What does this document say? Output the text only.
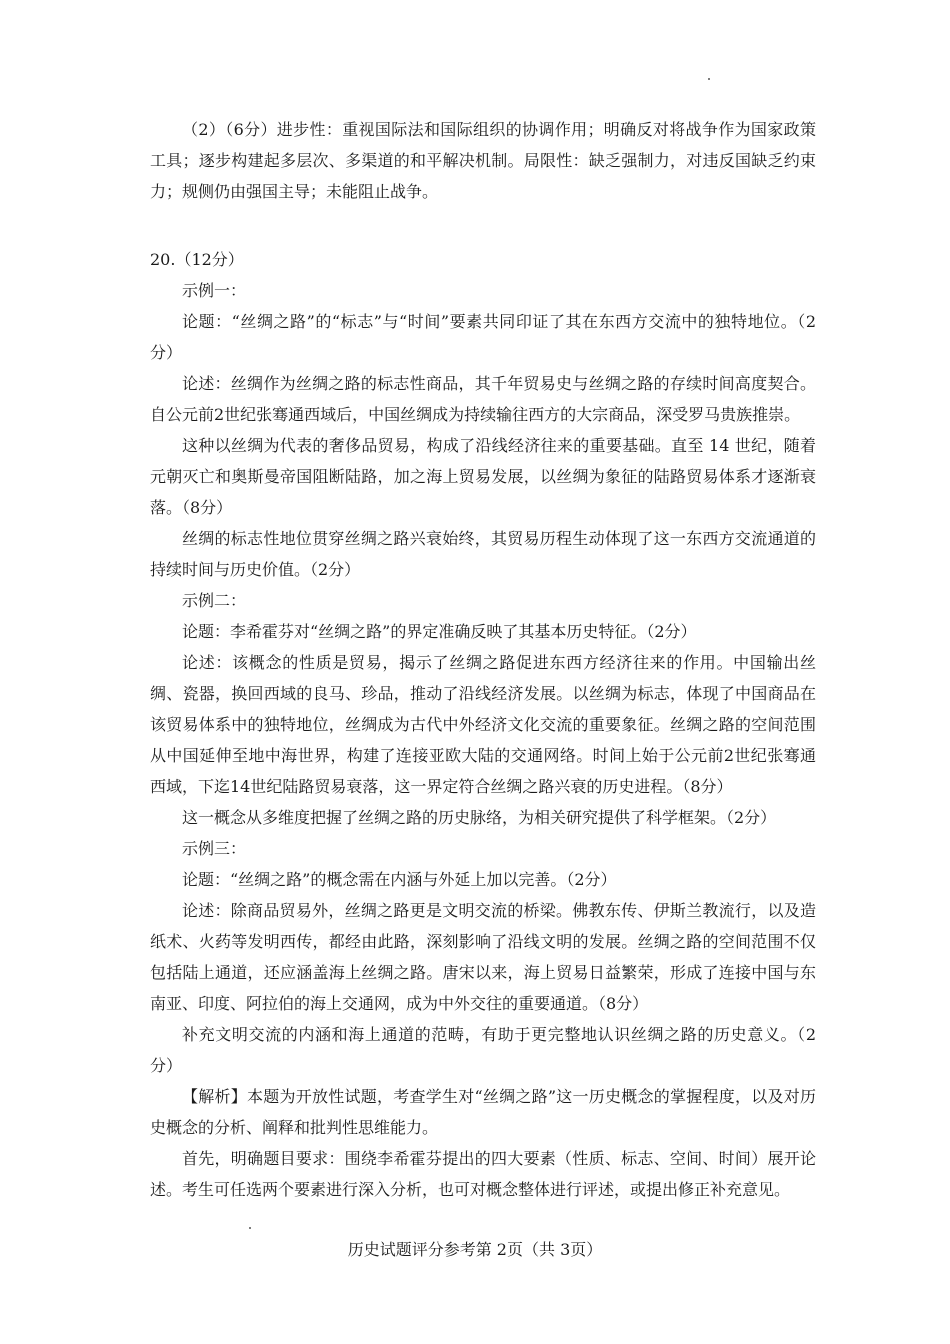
（2）（6分）进步性：重视国际法和国际组织的协调作用；明确反对将战争作为国家政策工具；逐步构建起多层次、多渠道的和平解决机制。局限性：缺乏强制力，对违反国缺乏约束力；规侧仍由强国主导；未能阻止战争。

20.（12分）

示例一：

论题：“丝绸之路”的“标志”与“时间”要素共同印证了其在东西方交流中的独特地位。（2分）

论述：丝绸作为丝绸之路的标志性商品，其千年贸易史与丝绸之路的存续时间高度契合。自公元前2世纪张骞通西域后，中国丝绸成为持续输往西方的大宗商品，深受罗马贵族推崇。

这种以丝绸为代表的奢侈品贸易，构成了沿线经济往来的重要基础。直至 14 世纪，随着元朝灭亡和奥斯曼帝国阻断陆路，加之海上贸易发展，以丝绸为象征的陆路贸易体系才逐渐衰落。（8分）

丝绸的标志性地位贯穿丝绸之路兴衰始终，其贸易历程生动体现了这一东西方交流通道的持续时间与历史价值。（2分）

示例二：

论题：李希霍芬对“丝绸之路”的界定准确反映了其基本历史特征。（2分）

论述：该概念的性质是贸易，揭示了丝绸之路促进东西方经济往来的作用。中国输出丝绸、瓷器，换回西域的良马、珍品，推动了沿线经济发展。以丝绸为标志，体现了中国商品在该贸易体系中的独特地位，丝绸成为古代中外经济文化交流的重要象征。丝绸之路的空间范围从中国延伸至地中海世界，构建了连接亚欧大陆的交通网络。时间上始于公元前2世纪张骞通西域，下迄14世纪陆路贸易衰落，这一界定符合丝绸之路兴衰的历史进程。（8分）

这一概念从多维度把握了丝绸之路的历史脉络，为相关研究提供了科学框架。（2分）

示例三：

论题：“丝绸之路”的概念需在内涵与外延上加以完善。（2分）

论述：除商品贸易外，丝绸之路更是文明交流的桥梁。佛教东传、伊斯兰教流行，以及造纸术、火药等发明西传，都经由此路，深刻影响了沿线文明的发展。丝绸之路的空间范围不仅包括陆上通道，还应涵盖海上丝绸之路。唐宋以来，海上贸易日益繁荣，形成了连接中国与东南亚、印度、阿拉伯的海上交通网，成为中外交往的重要通道。（8分）

补充文明交流的内涵和海上通道的范畴，有助于更完整地认识丝绸之路的历史意义。（2分）

【解析】本题为开放性试题，考查学生对“丝绸之路”这一历史概念的掌握程度，以及对历史概念的分析、阐释和批判性思维能力。

首先，明确题目要求：围绕李希霍芬提出的四大要素（性质、标志、空间、时间）展开论述。考生可任选两个要素进行深入分析，也可对概念整体进行评述，或提出修正补充意见。

历史试题评分参考第 2页（共 3页）
